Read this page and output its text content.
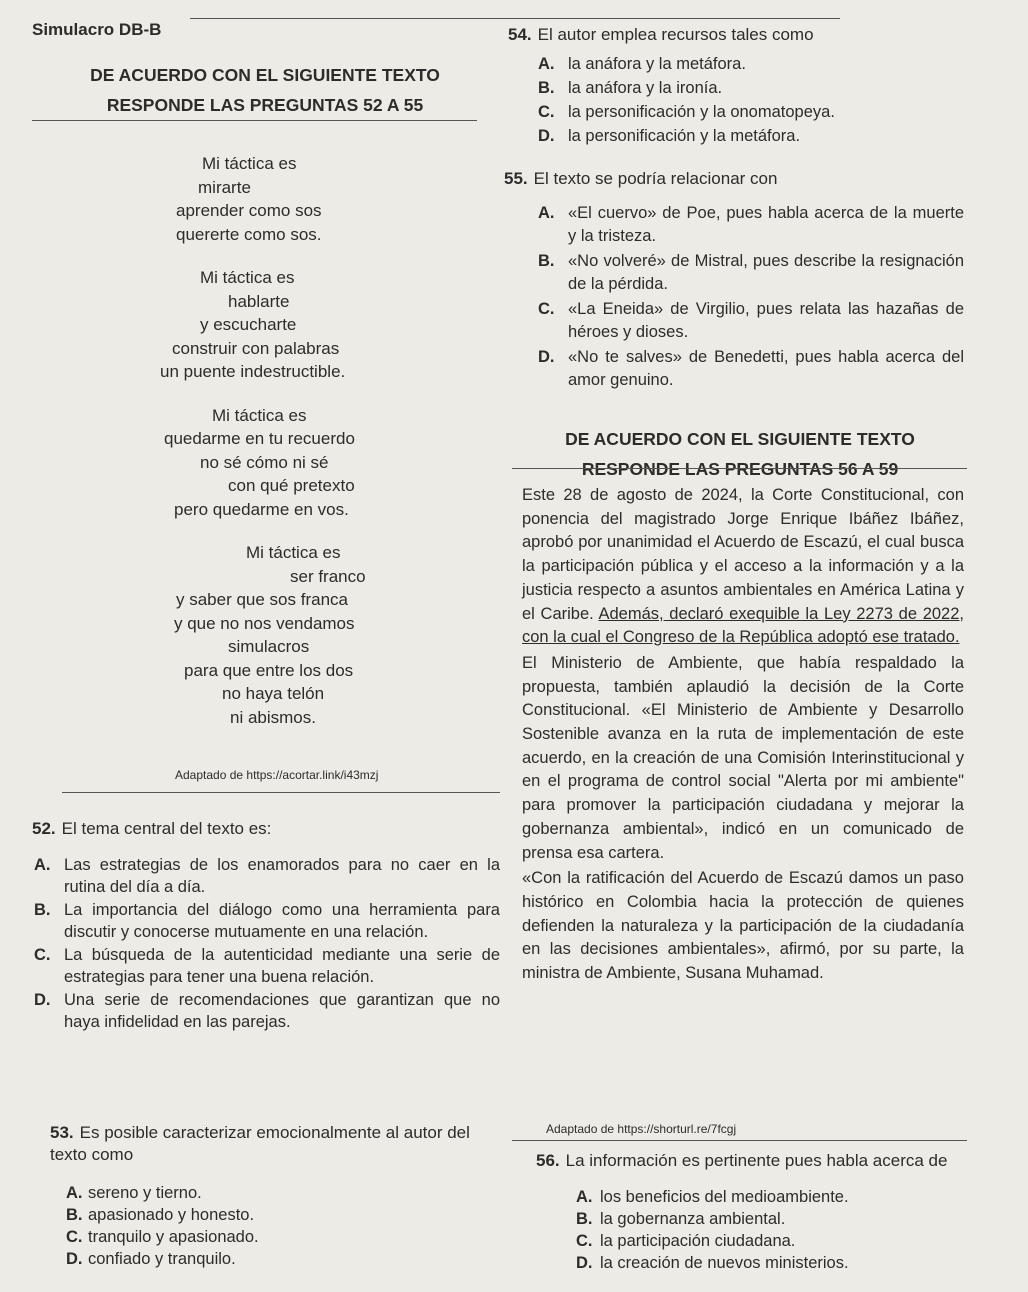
Simulacro DB-B
DE ACUERDO CON EL SIGUIENTE TEXTO
RESPONDE LAS PREGUNTAS 52 A 55
Mi táctica es
mirarte
aprender como sos
quererte como sos.
Mi táctica es
hablarte
y escucharte
construir con palabras
un puente indestructible.
Mi táctica es
quedarme en tu recuerdo
no sé cómo ni sé
con qué pretexto
pero quedarme en vos.
Mi táctica es
ser franco
y saber que sos franca
y que no nos vendamos
simulacros
para que entre los dos
no haya telón
ni abismos.
Adaptado de https://acortar.link/i43mzj
52. El tema central del texto es:
A. Las estrategias de los enamorados para no caer en la rutina del día a día.
B. La importancia del diálogo como una herramienta para discutir y conocerse mutuamente en una relación.
C. La búsqueda de la autenticidad mediante una serie de estrategias para tener una buena relación.
D. Una serie de recomendaciones que garantizan que no haya infidelidad en las parejas.
53. Es posible caracterizar emocionalmente al autor del texto como
A. sereno y tierno.
B. apasionado y honesto.
C. tranquilo y apasionado.
D. confiado y tranquilo.
54. El autor emplea recursos tales como
A. la anáfora y la metáfora.
B. la anáfora y la ironía.
C. la personificación y la onomatopeya.
D. la personificación y la metáfora.
55. El texto se podría relacionar con
A. «El cuervo» de Poe, pues habla acerca de la muerte y la tristeza.
B. «No volveré» de Mistral, pues describe la resignación de la pérdida.
C. «La Eneida» de Virgilio, pues relata las hazañas de héroes y dioses.
D. «No te salves» de Benedetti, pues habla acerca del amor genuino.
DE ACUERDO CON EL SIGUIENTE TEXTO
RESPONDE LAS PREGUNTAS 56 A 59

Este 28 de agosto de 2024, la Corte Constitucional, con ponencia del magistrado Jorge Enrique Ibáñez Ibáñez, aprobó por unanimidad el Acuerdo de Escazú, el cual busca la participación pública y el acceso a la información y a la justicia respecto a asuntos ambientales en América Latina y el Caribe. Además, declaró exequible la Ley 2273 de 2022, con la cual el Congreso de la República adoptó ese tratado.

El Ministerio de Ambiente, que había respaldado la propuesta, también aplaudió la decisión de la Corte Constitucional. «El Ministerio de Ambiente y Desarrollo Sostenible avanza en la ruta de implementación de este acuerdo, en la creación de una Comisión Interinstitucional y en el programa de control social "Alerta por mi ambiente" para promover la participación ciudadana y mejorar la gobernanza ambiental», indicó en un comunicado de prensa esa cartera.

«Con la ratificación del Acuerdo de Escazú damos un paso histórico en Colombia hacia la protección de quienes defienden la naturaleza y la participación de la ciudadanía en las decisiones ambientales», afirmó, por su parte, la ministra de Ambiente, Susana Muhamad.

Adaptado de https://shorturl.re/7fcgj
56. La información es pertinente pues habla acerca de
A. los beneficios del medioambiente.
B. la gobernanza ambiental.
C. la participación ciudadana.
D. la creación de nuevos ministerios.
